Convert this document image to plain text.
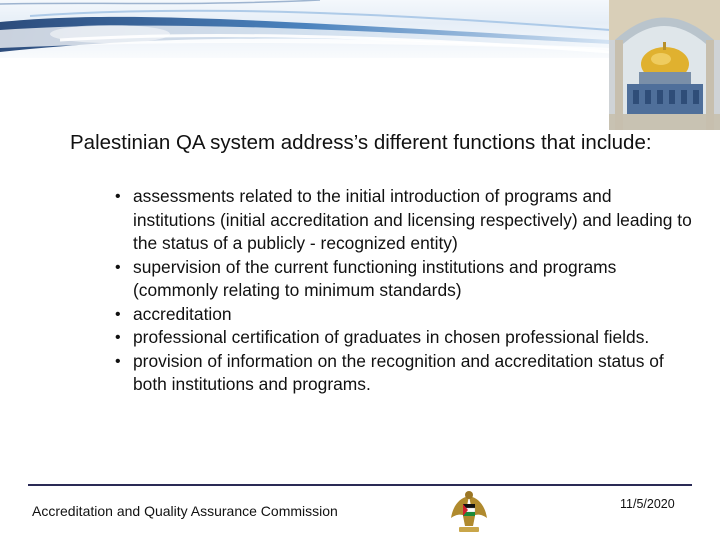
Palestinian QA system address’s different functions that include:
• assessments related to the initial introduction of programs and institutions (initial accreditation and licensing respectively) and leading to the status of a publicly - recognized entity)
• supervision of the current functioning institutions and programs (commonly relating to minimum standards)
• accreditation
• professional certification of graduates in chosen professional fields.
• provision of information on the recognition and accreditation status of both institutions and programs.
Accreditation and Quality Assurance Commission	11/5/2020
